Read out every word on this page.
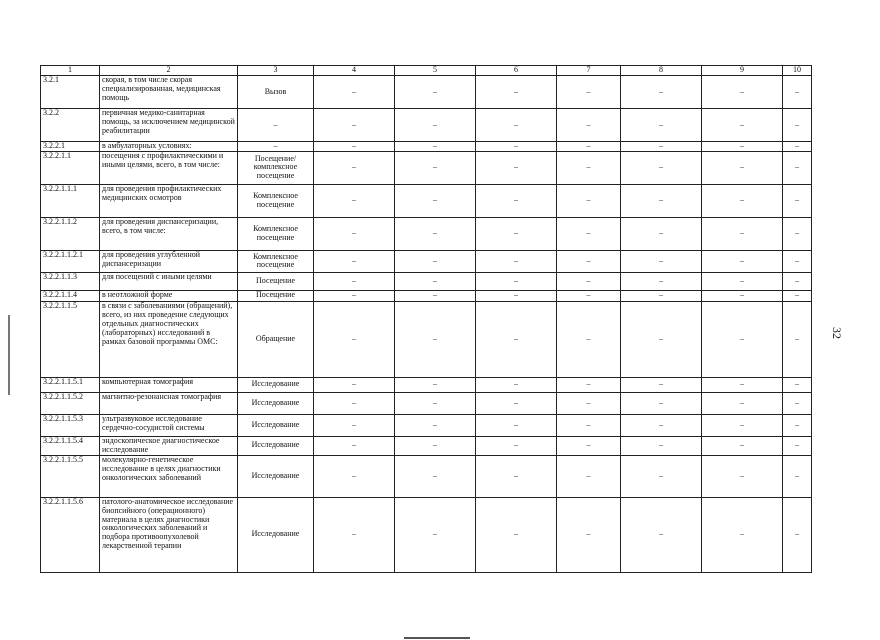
32
1	2	3	4	5	6	7	8	9	10
3.2.1	скорая, в том числе скорая специализированная, медицинская помощь	Вызов	–	–	–	–	–	–	–
3.2.2	первичная медико-санитарная помощь, за исключением медицинской реабилитации	–	–	–	–	–	–	–	–
3.2.2.1	в амбулаторных условиях:	–	–	–	–	–	–	–	–
3.2.2.1.1	посещения с профилактическими и иными целями, всего, в том числе:	Посещение/ комплексное посещение	–	–	–	–	–	–	–
3.2.2.1.1.1	для проведения профилактических медицинских осмотров	Комплексное посещение	–	–	–	–	–	–	–
3.2.2.1.1.2	для проведения диспансеризации, всего, в том числе:	Комплексное посещение	–	–	–	–	–	–	–
3.2.2.1.1.2.1	для проведения углубленной диспансеризации	Комплексное посещение	–	–	–	–	–	–	–
3.2.2.1.1.3	для посещений с иными целями	Посещение	–	–	–	–	–	–	–
3.2.2.1.1.4	в неотложной форме	Посещение	–	–	–	–	–	–	–
3.2.2.1.1.5	в связи с заболеваниями (обращений), всего, из них проведение следующих отдельных диагностических (лабораторных) исследований в рамках базовой программы ОМС:	Обращение	–	–	–	–	–	–	–
3.2.2.1.1.5.1	компьютерная томография	Исследование	–	–	–	–	–	–	–
3.2.2.1.1.5.2	магнитно-резонансная томография	Исследование	–	–	–	–	–	–	–
3.2.2.1.1.5.3	ультразвуковое исследование сердечно-сосудистой системы	Исследование	–	–	–	–	–	–	–
3.2.2.1.1.5.4	эндоскопическое диагностическое исследование	Исследование	–	–	–	–	–	–	–
3.2.2.1.1.5.5	молекулярно-генетическое исследование в целях диагностики онкологических заболеваний	Исследование	–	–	–	–	–	–	–
3.2.2.1.1.5.6	патолого-анатомическое исследование биопсийного (операционного) материала в целях диагностики онкологических заболеваний и подбора противоопухолевой лекарственной терапии	Исследование	–	–	–	–	–	–	–
